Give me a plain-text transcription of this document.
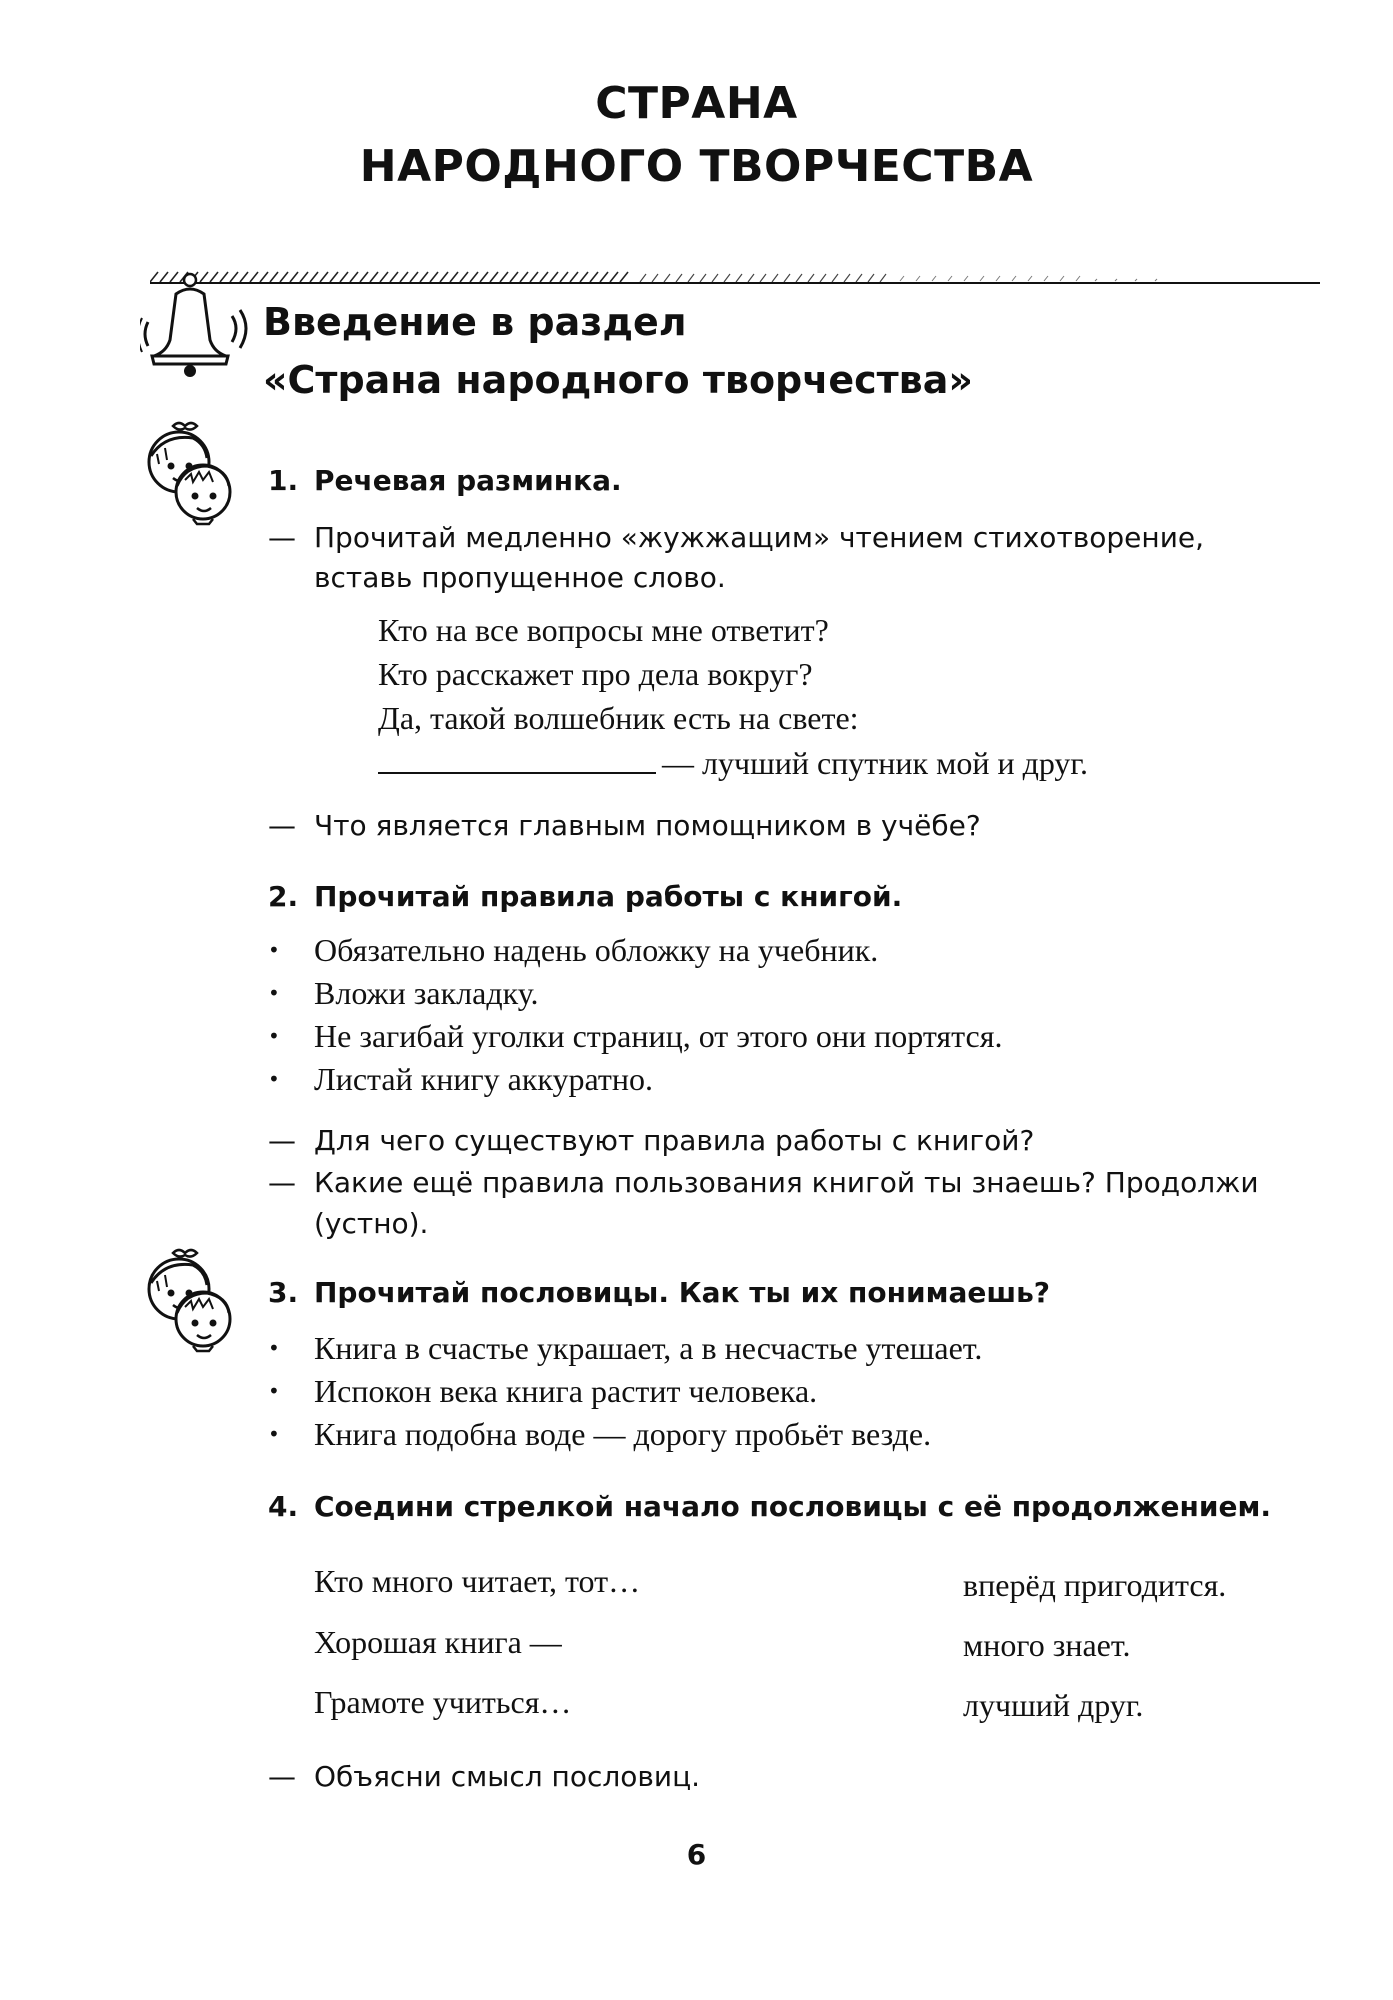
СТРАНА
НАРОДНОГО ТВОРЧЕСТВА
Введение в раздел
«Страна народного творчества»
1. Речевая разминка.
— Прочитай медленно «жужжащим» чтением стихотворение,
вставь пропущенное слово.
Кто на все вопросы мне ответит?
Кто расскажет про дела вокруг?
Да, такой волшебник есть на свете:
— лучший спутник мой и друг.
— Что является главным помощником в учёбе?
2. Прочитай правила работы с книгой.
• Обязательно надень обложку на учебник.
• Вложи закладку.
• Не загибай уголки страниц, от этого они портятся.
• Листай книгу аккуратно.
— Для чего существуют правила работы с книгой?
— Какие ещё правила пользования книгой ты знаешь? Продолжи
(устно).
3. Прочитай пословицы. Как ты их понимаешь?
• Книга в счастье украшает, а в несчастье утешает.
• Испокон века книга растит человека.
• Книга подобна воде — дорогу пробьёт везде.
4. Соедини стрелкой начало пословицы с её продолжением.
Кто много читает, тот…
Хорошая книга —
Грамоте учиться…
вперёд пригодится.
много знает.
лучший друг.
— Объясни смысл пословиц.
6
